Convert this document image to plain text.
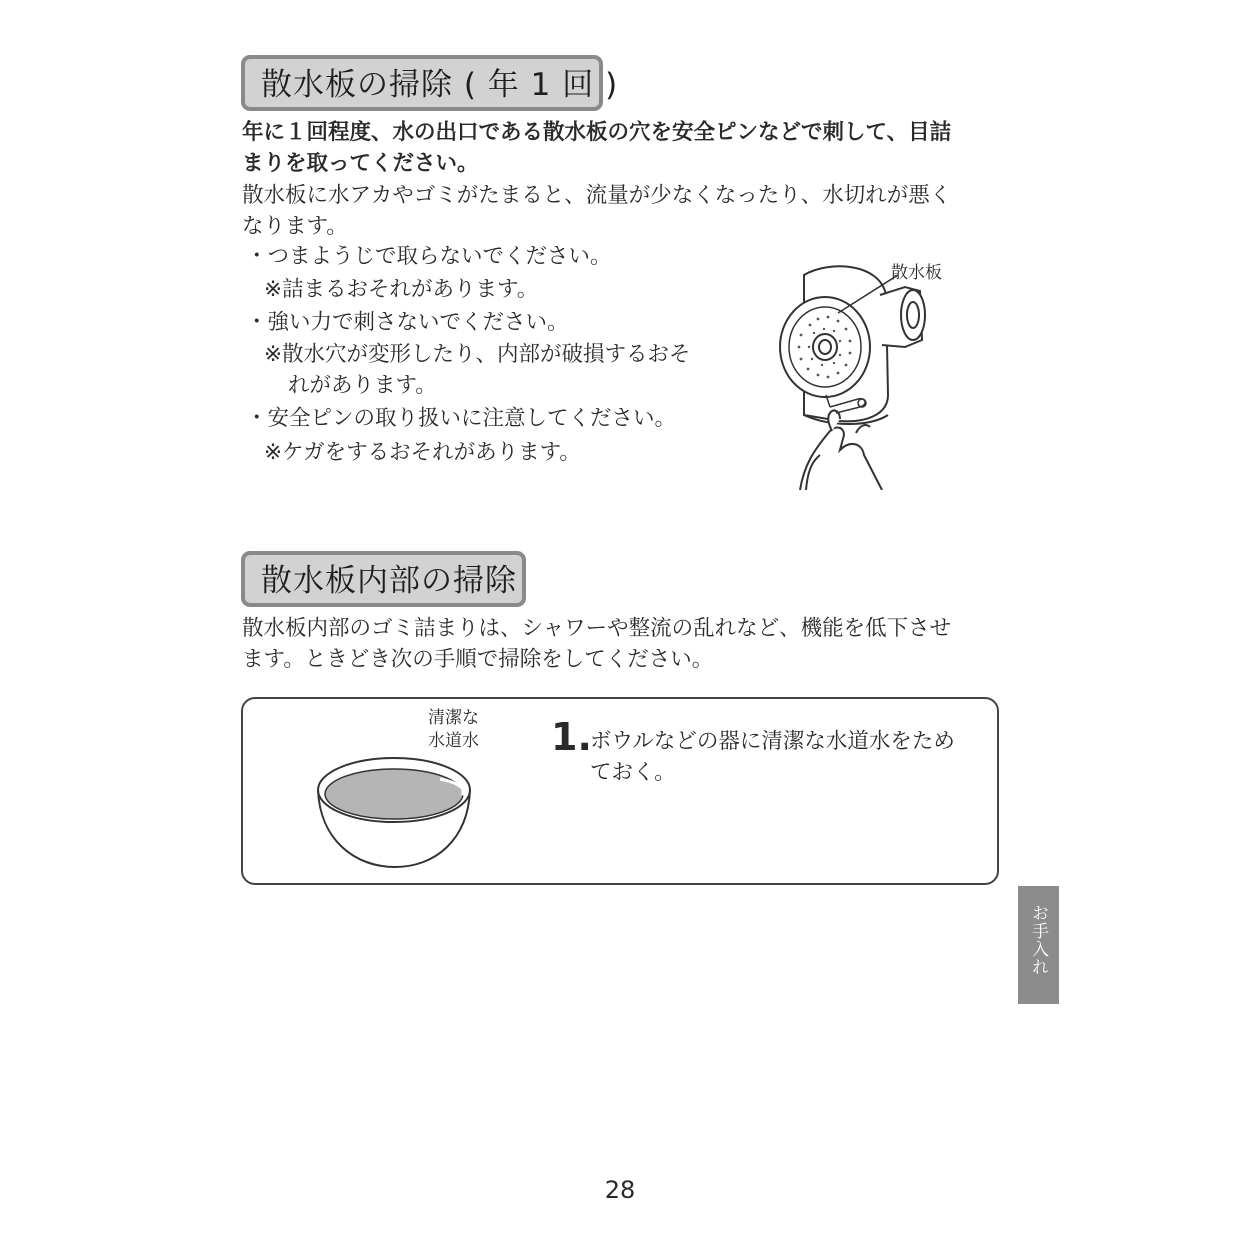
散水板の掃除 ( 年 1 回 )

年に１回程度、水の出口である散水板の穴を安全ピンなどで刺して、目詰

まりを取ってください。

散水板に水アカやゴミがたまると、流量が少なくなったり、水切れが悪く

なります。

・つまようじで取らないでください。

※詰まるおそれがあります。

・強い力で刺さないでください。

※散水穴が変形したり、内部が破損するおそ

れがあります。

・安全ピンの取り扱いに注意してください。

※ケガをするおそれがあります。

散水板
散水板内部の掃除

散水板内部のゴミ詰まりは、シャワーや整流の乱れなど、機能を低下させ

ます。ときどき次の手順で掃除をしてください。

清潔な
水道水 1.
ボウルなどの器に清潔な水道水をため
ておく。
お手入れ
28
